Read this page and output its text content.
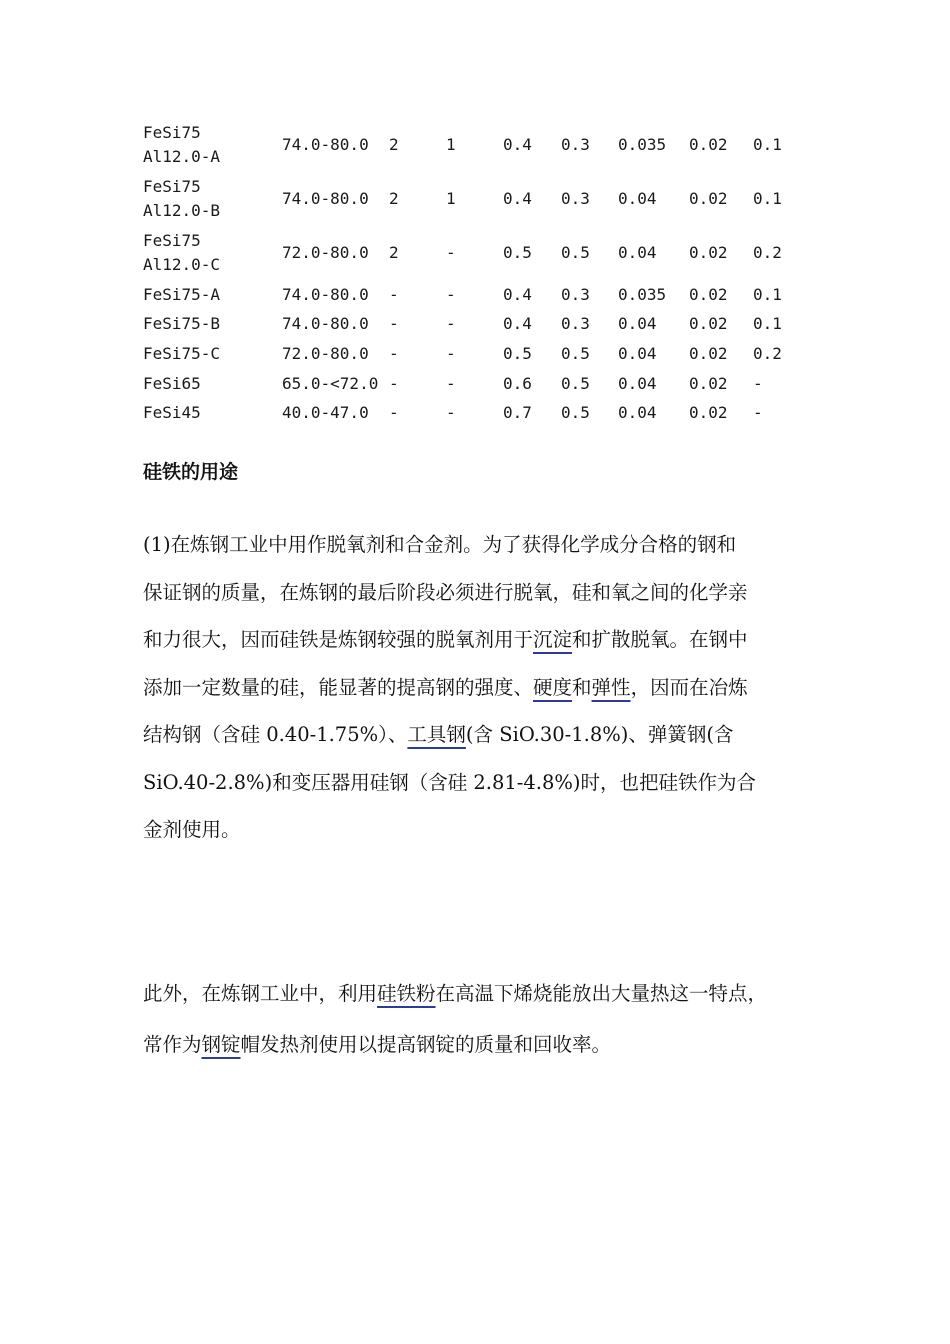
FeSi75
Al12.0-A	74.0-80.0	2	1	0.4	0.3	0.035	0.02	0.1

FeSi75
Al12.0-B	74.0-80.0	2	1	0.4	0.3	0.04	0.02	0.1

FeSi75
Al12.0-C	72.0-80.0	2	-	0.5	0.5	0.04	0.02	0.2

FeSi75-A	74.0-80.0	-	-	0.4	0.3	0.035	0.02	0.1

FeSi75-B	74.0-80.0	-	-	0.4	0.3	0.04	0.02	0.1

FeSi75-C	72.0-80.0	-	-	0.5	0.5	0.04	0.02	0.2

FeSi65	65.0-<72.0	-	-	0.6	0.5	0.04	0.02	-

FeSi45	40.0-47.0	-	-	0.7	0.5	0.04	0.02	-
硅铁的用途

(1)在炼钢工业中用作脱氧剂和合金剂。为了获得化学成分合格的钢和
保证钢的质量，在炼钢的最后阶段必须进行脱氧，硅和氧之间的化学亲
和力很大，因而硅铁是炼钢较强的脱氧剂用于沉淀和扩散脱氧。在钢中
添加一定数量的硅，能显著的提高钢的强度、硬度和弹性，因而在冶炼
结构钢（含硅 0.40-1.75%）、工具钢(含 SiO.30-1.8%)、弹簧钢(含
SiO.40-2.8%)和变压器用硅钢（含硅 2.81-4.8%)时，也把硅铁作为合
金剂使用。

此外，在炼钢工业中，利用硅铁粉在高温下烯烧能放出大量热这一特点，
常作为钢锭帽发热剂使用以提高钢锭的质量和回收率。
